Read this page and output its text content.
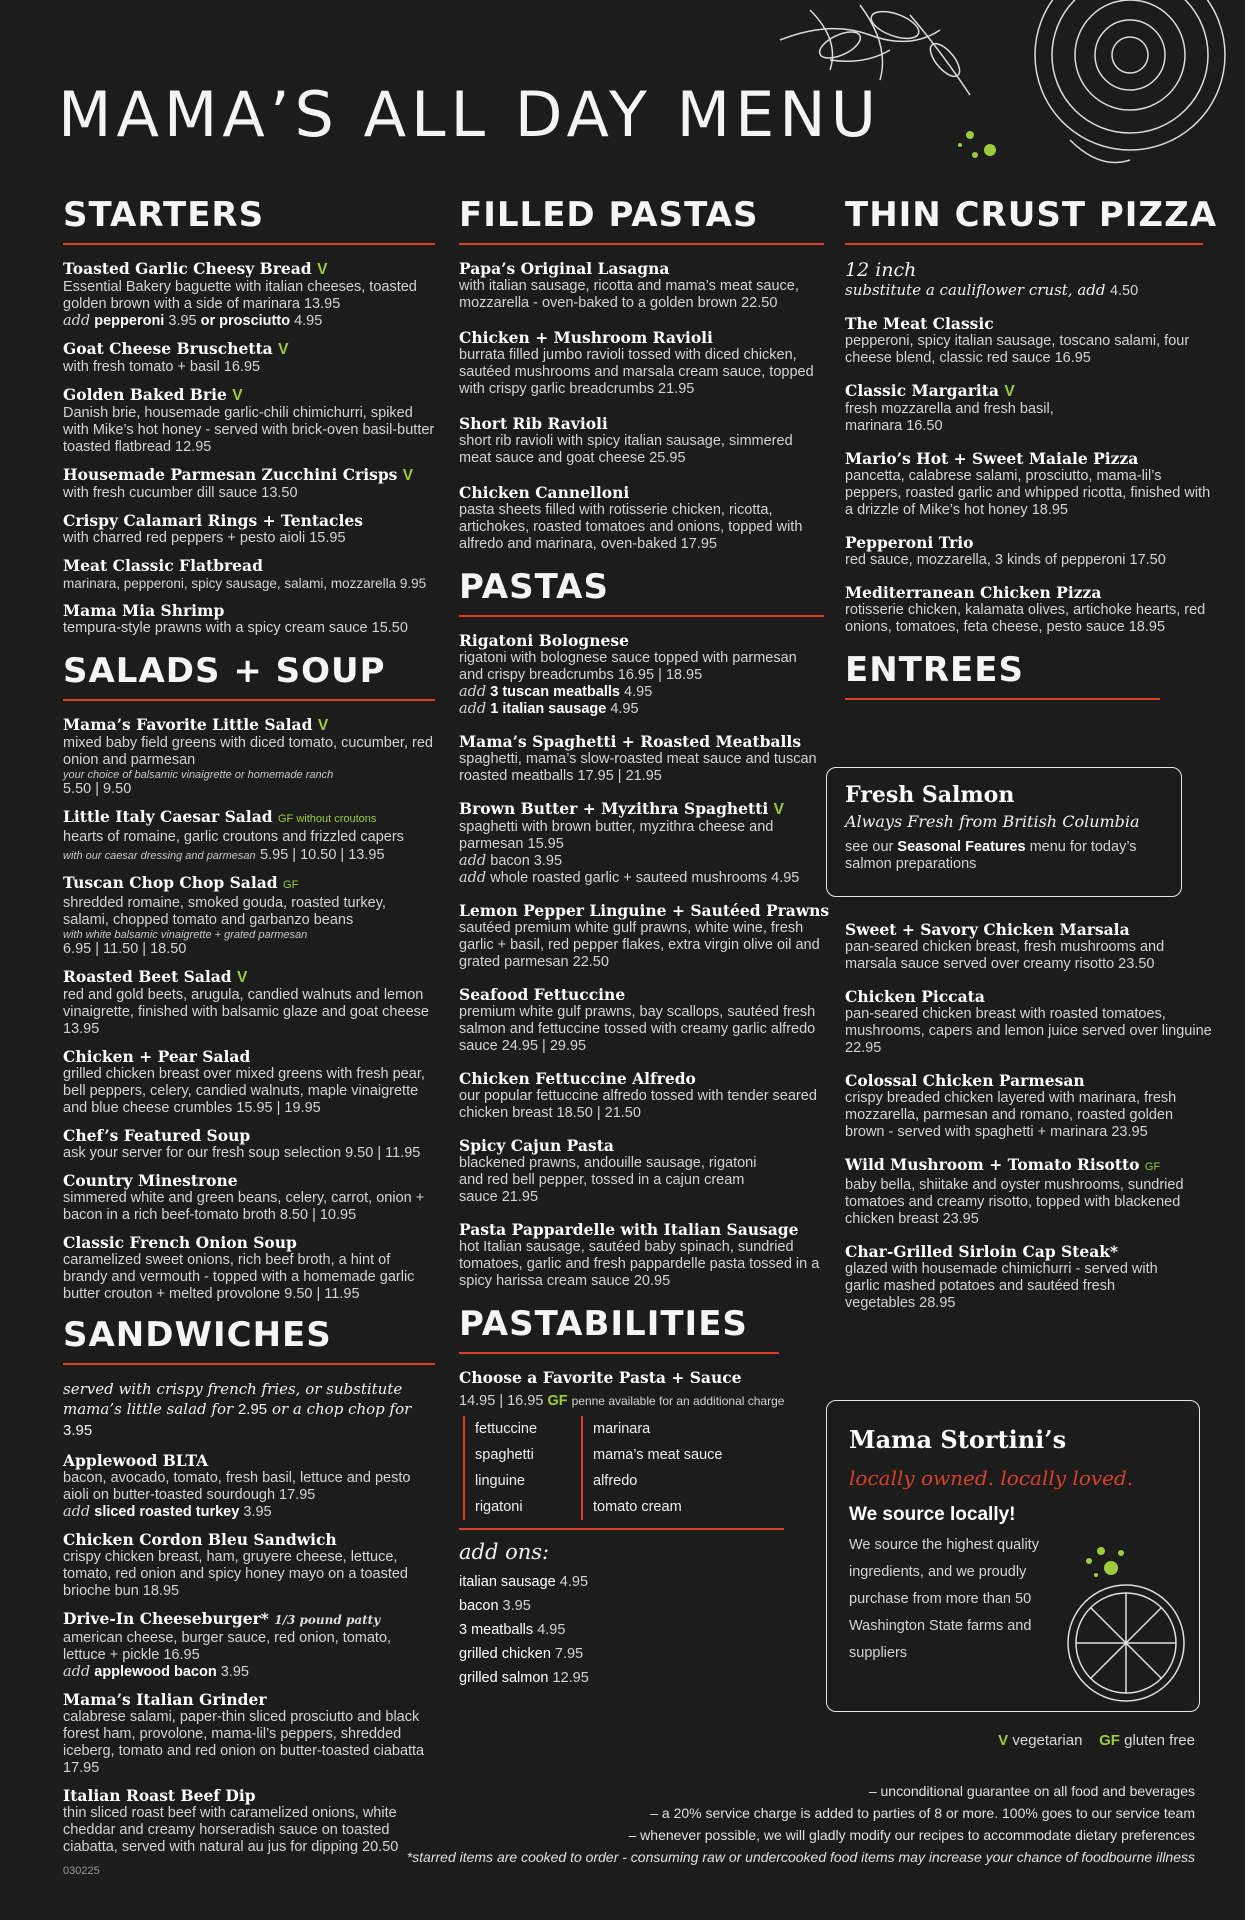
MAMA’S ALL DAY MENU
STARTERS
Toasted Garlic Cheesy Bread V
Essential Bakery baguette with italian cheeses, toasted golden brown with a side of marinara 13.95
add pepperoni 3.95 or prosciutto 4.95
Goat Cheese Bruschetta V
with fresh tomato + basil 16.95
Golden Baked Brie V
Danish brie, housemade garlic-chili chimichurri, spiked with Mike’s hot honey - served with brick-oven basil-butter toasted flatbread 12.95
Housemade Parmesan Zucchini Crisps V
with fresh cucumber dill sauce 13.50
Crispy Calamari Rings + Tentacles
with charred red peppers + pesto aioli 15.95
Meat Classic Flatbread
marinara, pepperoni, spicy sausage, salami, mozzarella 9.95
Mama Mia Shrimp
tempura-style prawns with a spicy cream sauce 15.50
SALADS + SOUP
Mama’s Favorite Little Salad V
mixed baby field greens with diced tomato, cucumber, red onion and parmesan
your choice of balsamic vinaigrette or homemade ranch
5.50 | 9.50
Little Italy Caesar Salad GF without croutons
hearts of romaine, garlic croutons and frizzled capers
with our caesar dressing and parmesan 5.95 | 10.50 | 13.95
Tuscan Chop Chop Salad GF
shredded romaine, smoked gouda, roasted turkey, salami, chopped tomato and garbanzo beans
with white balsamic vinaigrette + grated parmesan
6.95 | 11.50 | 18.50
Roasted Beet Salad V
red and gold beets, arugula, candied walnuts and lemon vinaigrette, finished with balsamic glaze and goat cheese 13.95
Chicken + Pear Salad
grilled chicken breast over mixed greens with fresh pear, bell peppers, celery, candied walnuts, maple vinaigrette and blue cheese crumbles 15.95 | 19.95
Chef’s Featured Soup
ask your server for our fresh soup selection 9.50 | 11.95
Country Minestrone
simmered white and green beans, celery, carrot, onion + bacon in a rich beef-tomato broth 8.50 | 10.95
Classic French Onion Soup
caramelized sweet onions, rich beef broth, a hint of brandy and vermouth - topped with a homemade garlic butter crouton + melted provolone 9.50 | 11.95
SANDWICHES
served with crispy french fries, or substitute mama’s little salad for 2.95 or a chop chop for 3.95
Applewood BLTA
bacon, avocado, tomato, fresh basil, lettuce and pesto aioli on butter-toasted sourdough 17.95
add sliced roasted turkey 3.95
Chicken Cordon Bleu Sandwich
crispy chicken breast, ham, gruyere cheese, lettuce, tomato, red onion and spicy honey mayo on a toasted brioche bun 18.95
Drive-In Cheeseburger* 1/3 pound patty
american cheese, burger sauce, red onion, tomato, lettuce + pickle 16.95
add applewood bacon 3.95
Mama’s Italian Grinder
calabrese salami, paper-thin sliced prosciutto and black forest ham, provolone, mama-lil’s peppers, shredded iceberg, tomato and red onion on butter-toasted ciabatta 17.95
Italian Roast Beef Dip
thin sliced roast beef with caramelized onions, white cheddar and creamy horseradish sauce on toasted ciabatta, served with natural au jus for dipping 20.50
030225
FILLED PASTAS
Papa’s Original Lasagna
with italian sausage, ricotta and mama’s meat sauce, mozzarella - oven-baked to a golden brown 22.50
Chicken + Mushroom Ravioli
burrata filled jumbo ravioli tossed with diced chicken, sautéed mushrooms and marsala cream sauce, topped with crispy garlic breadcrumbs 21.95
Short Rib Ravioli
short rib ravioli with spicy italian sausage, simmered meat sauce and goat cheese 25.95
Chicken Cannelloni
pasta sheets filled with rotisserie chicken, ricotta, artichokes, roasted tomatoes and onions, topped with alfredo and marinara, oven-baked 17.95
PASTAS
Rigatoni Bolognese
rigatoni with bolognese sauce topped with parmesan and crispy breadcrumbs 16.95 | 18.95
add 3 tuscan meatballs 4.95
add 1 italian sausage 4.95
Mama’s Spaghetti + Roasted Meatballs
spaghetti, mama’s slow-roasted meat sauce and tuscan roasted meatballs 17.95 | 21.95
Brown Butter + Myzithra Spaghetti V
spaghetti with brown butter, myzithra cheese and parmesan 15.95
add bacon 3.95
add whole roasted garlic + sauteed mushrooms 4.95
Lemon Pepper Linguine + Sautéed Prawns
sautéed premium white gulf prawns, white wine, fresh garlic + basil, red pepper flakes, extra virgin olive oil and grated parmesan 22.50
Seafood Fettuccine
premium white gulf prawns, bay scallops, sautéed fresh salmon and fettuccine tossed with creamy garlic alfredo sauce 24.95 | 29.95
Chicken Fettuccine Alfredo
our popular fettuccine alfredo tossed with tender seared chicken breast 18.50 | 21.50
Spicy Cajun Pasta
blackened prawns, andouille sausage, rigatoni and red bell pepper, tossed in a cajun cream sauce 21.95
Pasta Pappardelle with Italian Sausage
hot Italian sausage, sautéed baby spinach, sundried tomatoes, garlic and fresh pappardelle pasta tossed in a spicy harissa cream sauce 20.95
PASTABILITIES
Choose a Favorite Pasta + Sauce
14.95 | 16.95 GF penne available for an additional charge
fettuccine
spaghetti
linguine
rigatoni
marinara
mama’s meat sauce
alfredo
tomato cream
add ons:
italian sausage 4.95
bacon 3.95
3 meatballs 4.95
grilled chicken 7.95
grilled salmon 12.95
THIN CRUST PIZZA
12 inch
substitute a cauliflower crust, add 4.50
The Meat Classic
pepperoni, spicy italian sausage, toscano salami, four cheese blend, classic red sauce 16.95
Classic Margarita V
fresh mozzarella and fresh basil, marinara 16.50
Mario’s Hot + Sweet Maiale Pizza
pancetta, calabrese salami, prosciutto, mama-lil’s peppers, roasted garlic and whipped ricotta, finished with a drizzle of Mike’s hot honey 18.95
Pepperoni Trio
red sauce, mozzarella, 3 kinds of pepperoni 17.50
Mediterranean Chicken Pizza
rotisserie chicken, kalamata olives, artichoke hearts, red onions, tomatoes, feta cheese, pesto sauce 18.95
ENTREES
Fresh Salmon
Always Fresh from British Columbia
see our Seasonal Features menu for today’s salmon preparations
Sweet + Savory Chicken Marsala
pan-seared chicken breast, fresh mushrooms and marsala sauce served over creamy risotto 23.50
Chicken Piccata
pan-seared chicken breast with roasted tomatoes, mushrooms, capers and lemon juice served over linguine 22.95
Colossal Chicken Parmesan
crispy breaded chicken layered with marinara, fresh mozzarella, parmesan and romano, roasted golden brown - served with spaghetti + marinara 23.95
Wild Mushroom + Tomato Risotto GF
baby bella, shiitake and oyster mushrooms, sundried tomatoes and creamy risotto, topped with blackened chicken breast 23.95
Char-Grilled Sirloin Cap Steak*
glazed with housemade chimichurri - served with garlic mashed potatoes and sautéed fresh vegetables 28.95
Mama Stortini’s
locally owned. locally loved.
We source locally!
We source the highest quality ingredients, and we proudly purchase from more than 50 Washington State farms and suppliers
V vegetarian GF gluten free
– unconditional guarantee on all food and beverages
– a 20% service charge is added to parties of 8 or more. 100% goes to our service team
– whenever possible, we will gladly modify our recipes to accommodate dietary preferences
*starred items are cooked to order - consuming raw or undercooked food items may increase your chance of foodbourne illness
